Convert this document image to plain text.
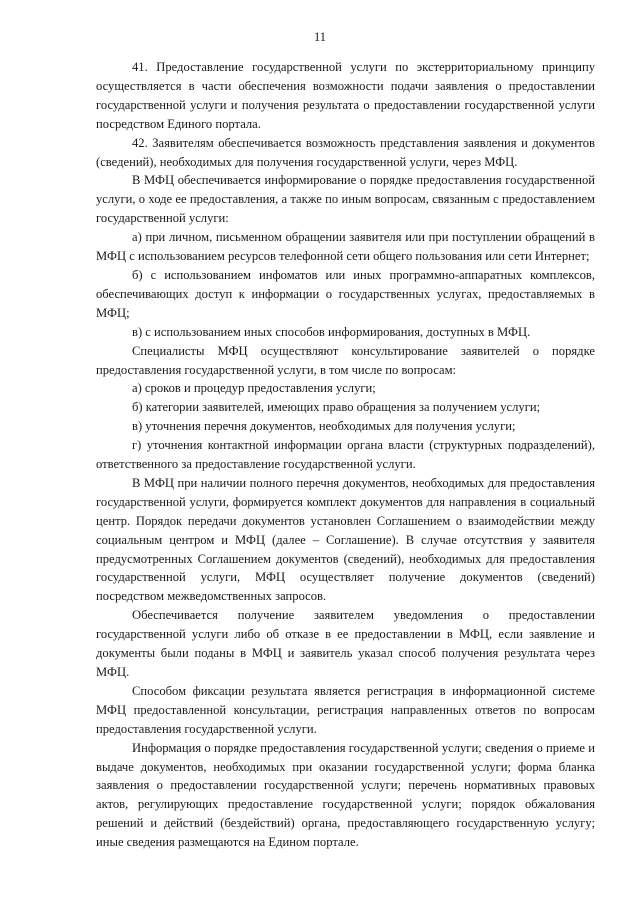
11

41. Предоставление государственной услуги по экстерриториальному принципу осуществляется в части обеспечения возможности подачи заявления о предоставлении государственной услуги и получения результата о предоставлении государственной услуги посредством Единого портала.

42. Заявителям обеспечивается возможность представления заявления и документов (сведений), необходимых для получения государственной услуги, через МФЦ.

В МФЦ обеспечивается информирование о порядке предоставления государственной услуги, о ходе ее предоставления, а также по иным вопросам, связанным с предоставлением государственной услуги:

а) при личном, письменном обращении заявителя или при поступлении обращений в МФЦ с использованием ресурсов телефонной сети общего пользования или сети Интернет;

б) с использованием инфоматов или иных программно-аппаратных комплексов, обеспечивающих доступ к информации о государственных услугах, предоставляемых в МФЦ;

в) с использованием иных способов информирования, доступных в МФЦ.

Специалисты МФЦ осуществляют консультирование заявителей о порядке предоставления государственной услуги, в том числе по вопросам:

а) сроков и процедур предоставления услуги;

б) категории заявителей, имеющих право обращения за получением услуги;

в) уточнения перечня документов, необходимых для получения услуги;

г) уточнения контактной информации органа власти (структурных подразделений), ответственного за предоставление государственной услуги.

В МФЦ при наличии полного перечня документов, необходимых для предоставления государственной услуги, формируется комплект документов для направления в социальный центр. Порядок передачи документов установлен Соглашением о взаимодействии между социальным центром и МФЦ (далее – Соглашение). В случае отсутствия у заявителя предусмотренных Соглашением документов (сведений), необходимых для предоставления государственной услуги, МФЦ осуществляет получение документов (сведений) посредством межведомственных запросов.

Обеспечивается получение заявителем уведомления о предоставлении государственной услуги либо об отказе в ее предоставлении в МФЦ, если заявление и документы были поданы в МФЦ и заявитель указал способ получения результата через МФЦ.

Способом фиксации результата является регистрация в информационной системе МФЦ предоставленной консультации, регистрация направленных ответов по вопросам предоставления государственной услуги.

Информация о порядке предоставления государственной услуги; сведения о приеме и выдаче документов, необходимых при оказании государственной услуги; форма бланка заявления о предоставлении государственной услуги; перечень нормативных правовых актов, регулирующих предоставление государственной услуги; порядок обжалования решений и действий (бездействий) органа, предоставляющего государственную услугу; иные сведения размещаются на Едином портале.
